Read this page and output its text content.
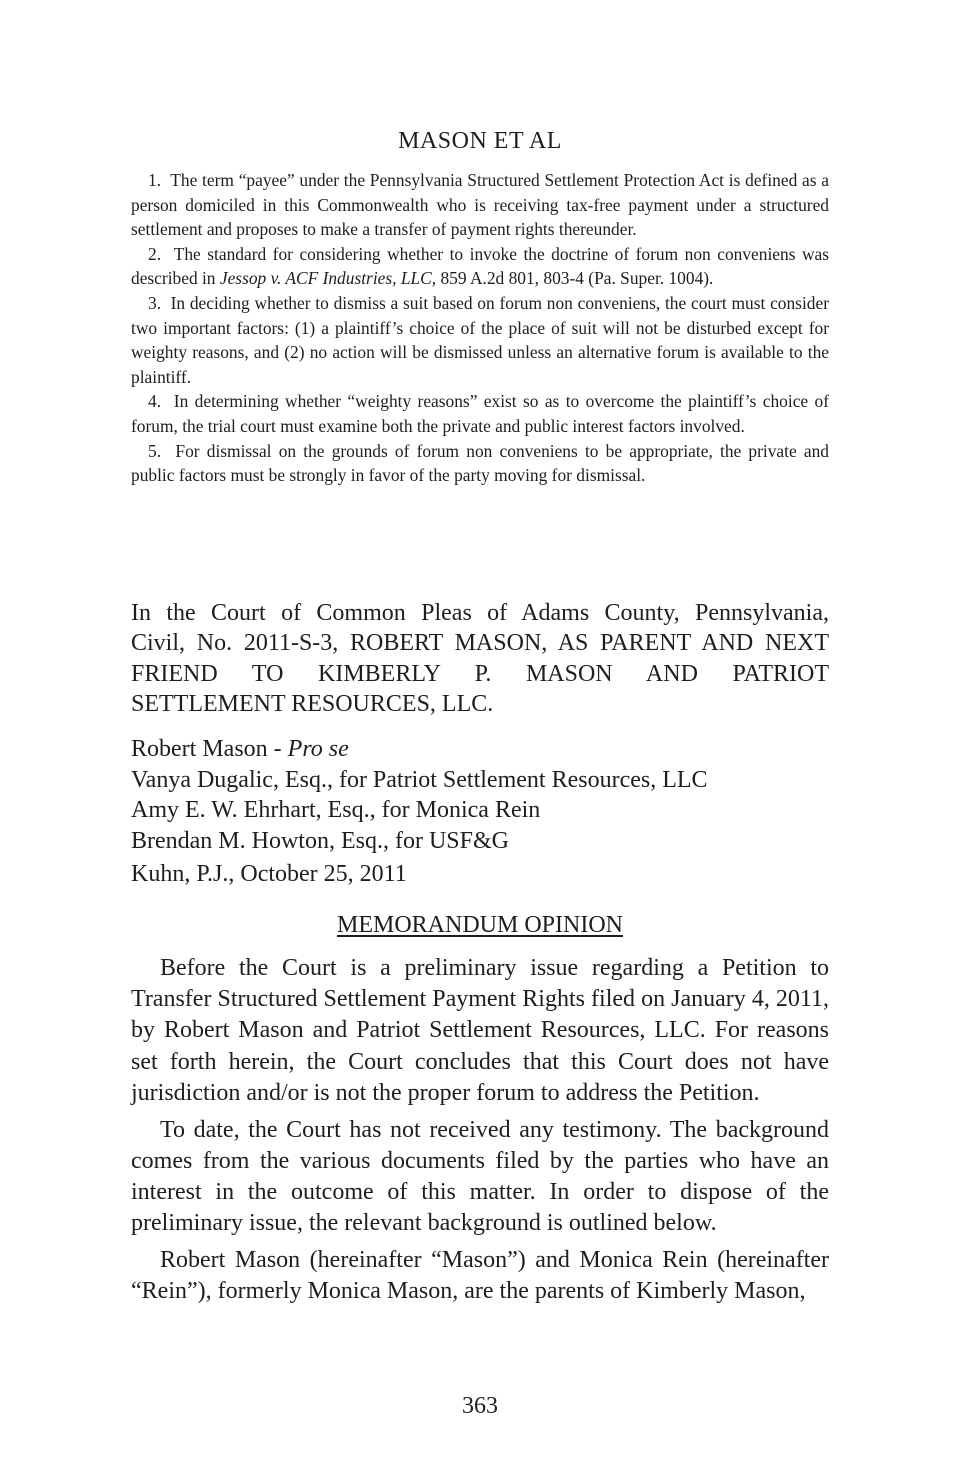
MASON ET AL

1. The term “payee” under the Pennsylvania Structured Settlement Protection Act is defined as a person domiciled in this Commonwealth who is receiving tax-free payment under a structured settlement and proposes to make a transfer of payment rights thereunder.

2. The standard for considering whether to invoke the doctrine of forum non conveniens was described in Jessop v. ACF Industries, LLC, 859 A.2d 801, 803-4 (Pa. Super. 1004).

3. In deciding whether to dismiss a suit based on forum non conveniens, the court must consider two important factors: (1) a plaintiff’s choice of the place of suit will not be disturbed except for weighty reasons, and (2) no action will be dismissed unless an alternative forum is available to the plaintiff.

4. In determining whether “weighty reasons” exist so as to overcome the plaintiff’s choice of forum, the trial court must examine both the private and public interest factors involved.

5. For dismissal on the grounds of forum non conveniens to be appropriate, the private and public factors must be strongly in favor of the party moving for dismissal.

In the Court of Common Pleas of Adams County, Pennsylvania,
Civil, No. 2011-S-3, ROBERT MASON, AS PARENT AND NEXT
FRIEND TO KIMBERLY P. MASON AND PATRIOT
SETTLEMENT RESOURCES, LLC.
Robert Mason - Pro se
Vanya Dugalic, Esq., for Patriot Settlement Resources, LLC
Amy E. W. Ehrhart, Esq., for Monica Rein
Brendan M. Howton, Esq., for USF&G
Kuhn, P.J., October 25, 2011
MEMORANDUM OPINION

Before the Court is a preliminary issue regarding a Petition to Transfer Structured Settlement Payment Rights filed on January 4, 2011, by Robert Mason and Patriot Settlement Resources, LLC. For reasons set forth herein, the Court concludes that this Court does not have jurisdiction and/or is not the proper forum to address the Petition.

To date, the Court has not received any testimony. The background comes from the various documents filed by the parties who have an interest in the outcome of this matter. In order to dispose of the preliminary issue, the relevant background is outlined below.

Robert Mason (hereinafter “Mason”) and Monica Rein (hereinafter “Rein”), formerly Monica Mason, are the parents of Kimberly Mason,

363
